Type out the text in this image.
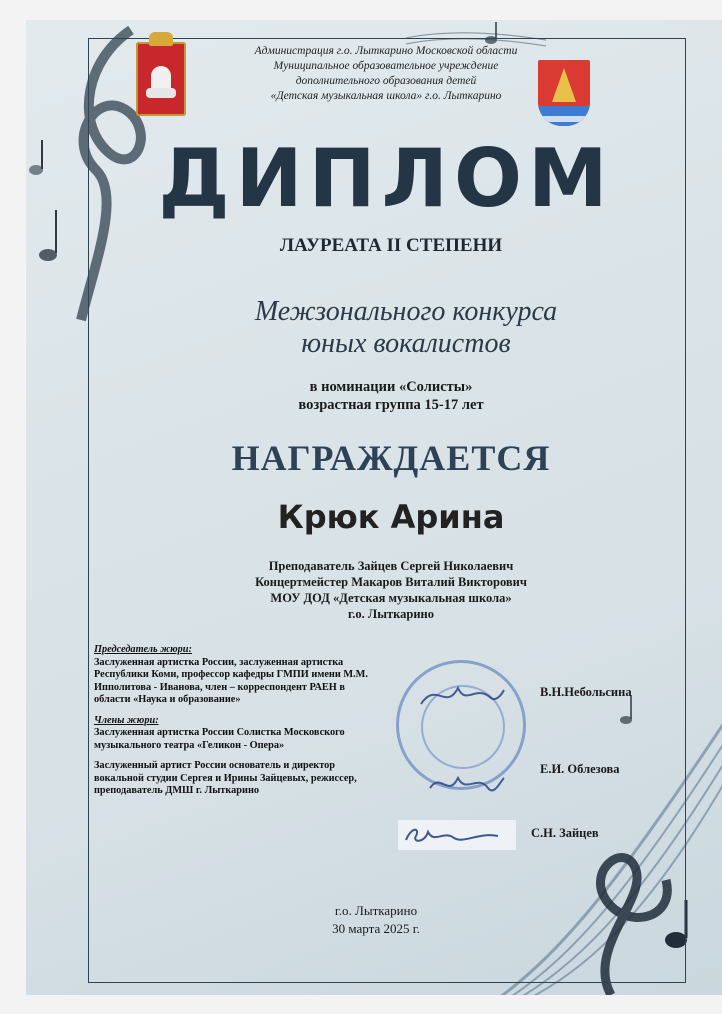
Администрация г.о. Лыткарино Московской области
Муниципальное образовательное учреждение
дополнительного образования детей
«Детская музыкальная школа» г.о. Лыткарино
ДИПЛОМ
ЛАУРЕАТА II СТЕПЕНИ
Межзонального конкурса
юных вокалистов
в номинации «Солисты»
возрастная группа 15-17 лет
НАГРАЖДАЕТСЯ
Крюк Арина
Преподаватель Зайцев Сергей Николаевич
Концертмейстер Макаров Виталий Викторович
МОУ ДОД «Детская музыкальная школа»
г.о. Лыткарино
Председатель жюри:
Заслуженная артистка России, заслуженная артистка Республики Коми, профессор кафедры ГМПИ имени М.М. Ипполитова - Иванова, член – корреспондент РАЕН в области «Наука и образование»
Члены жюри:
Заслуженная артистка России Солистка Московского музыкального театра «Геликон - Опера»
Заслуженный артист России основатель и директор вокальной студии Сергея и Ирины Зайцевых, режиссер, преподаватель ДМШ г. Лыткарино
В.Н.Небольсина
Е.И. Облезова
С.Н. Зайцев
г.о. Лыткарино
30 марта 2025 г.
